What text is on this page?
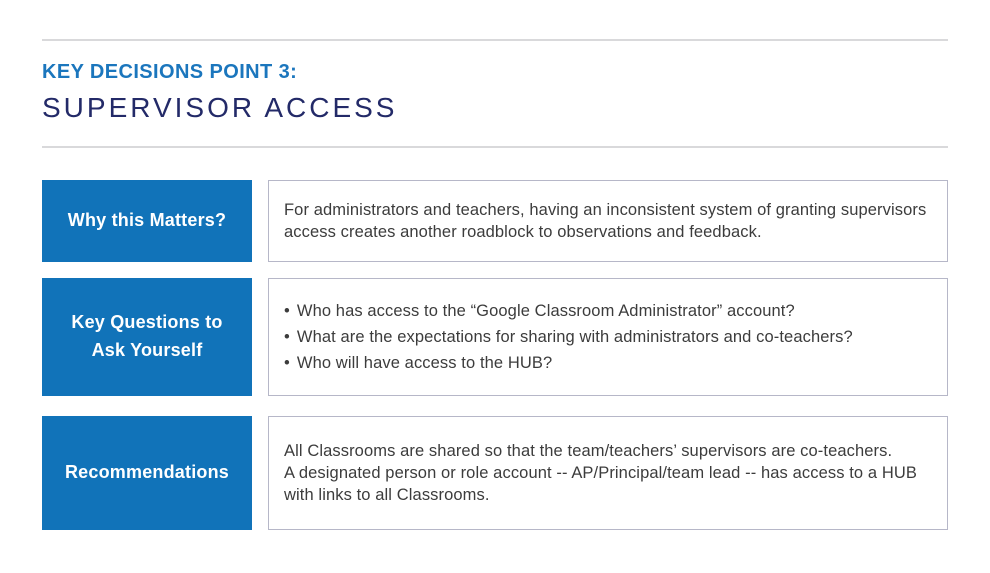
KEY DECISIONS POINT 3:
SUPERVISOR ACCESS
Why this Matters?

For administrators and teachers, having an inconsistent system of granting supervisors access creates another roadblock to observations and feedback.

Key Questions to Ask Yourself
• Who has access to the “Google Classroom Administrator” account?
• What are the expectations for sharing with administrators and co-teachers?
• Who will have access to the HUB?
Recommendations

All Classrooms are shared so that the team/teachers’ supervisors are co-teachers.

A designated person or role account -- AP/Principal/team lead -- has access to a HUB with links to all Classrooms.
